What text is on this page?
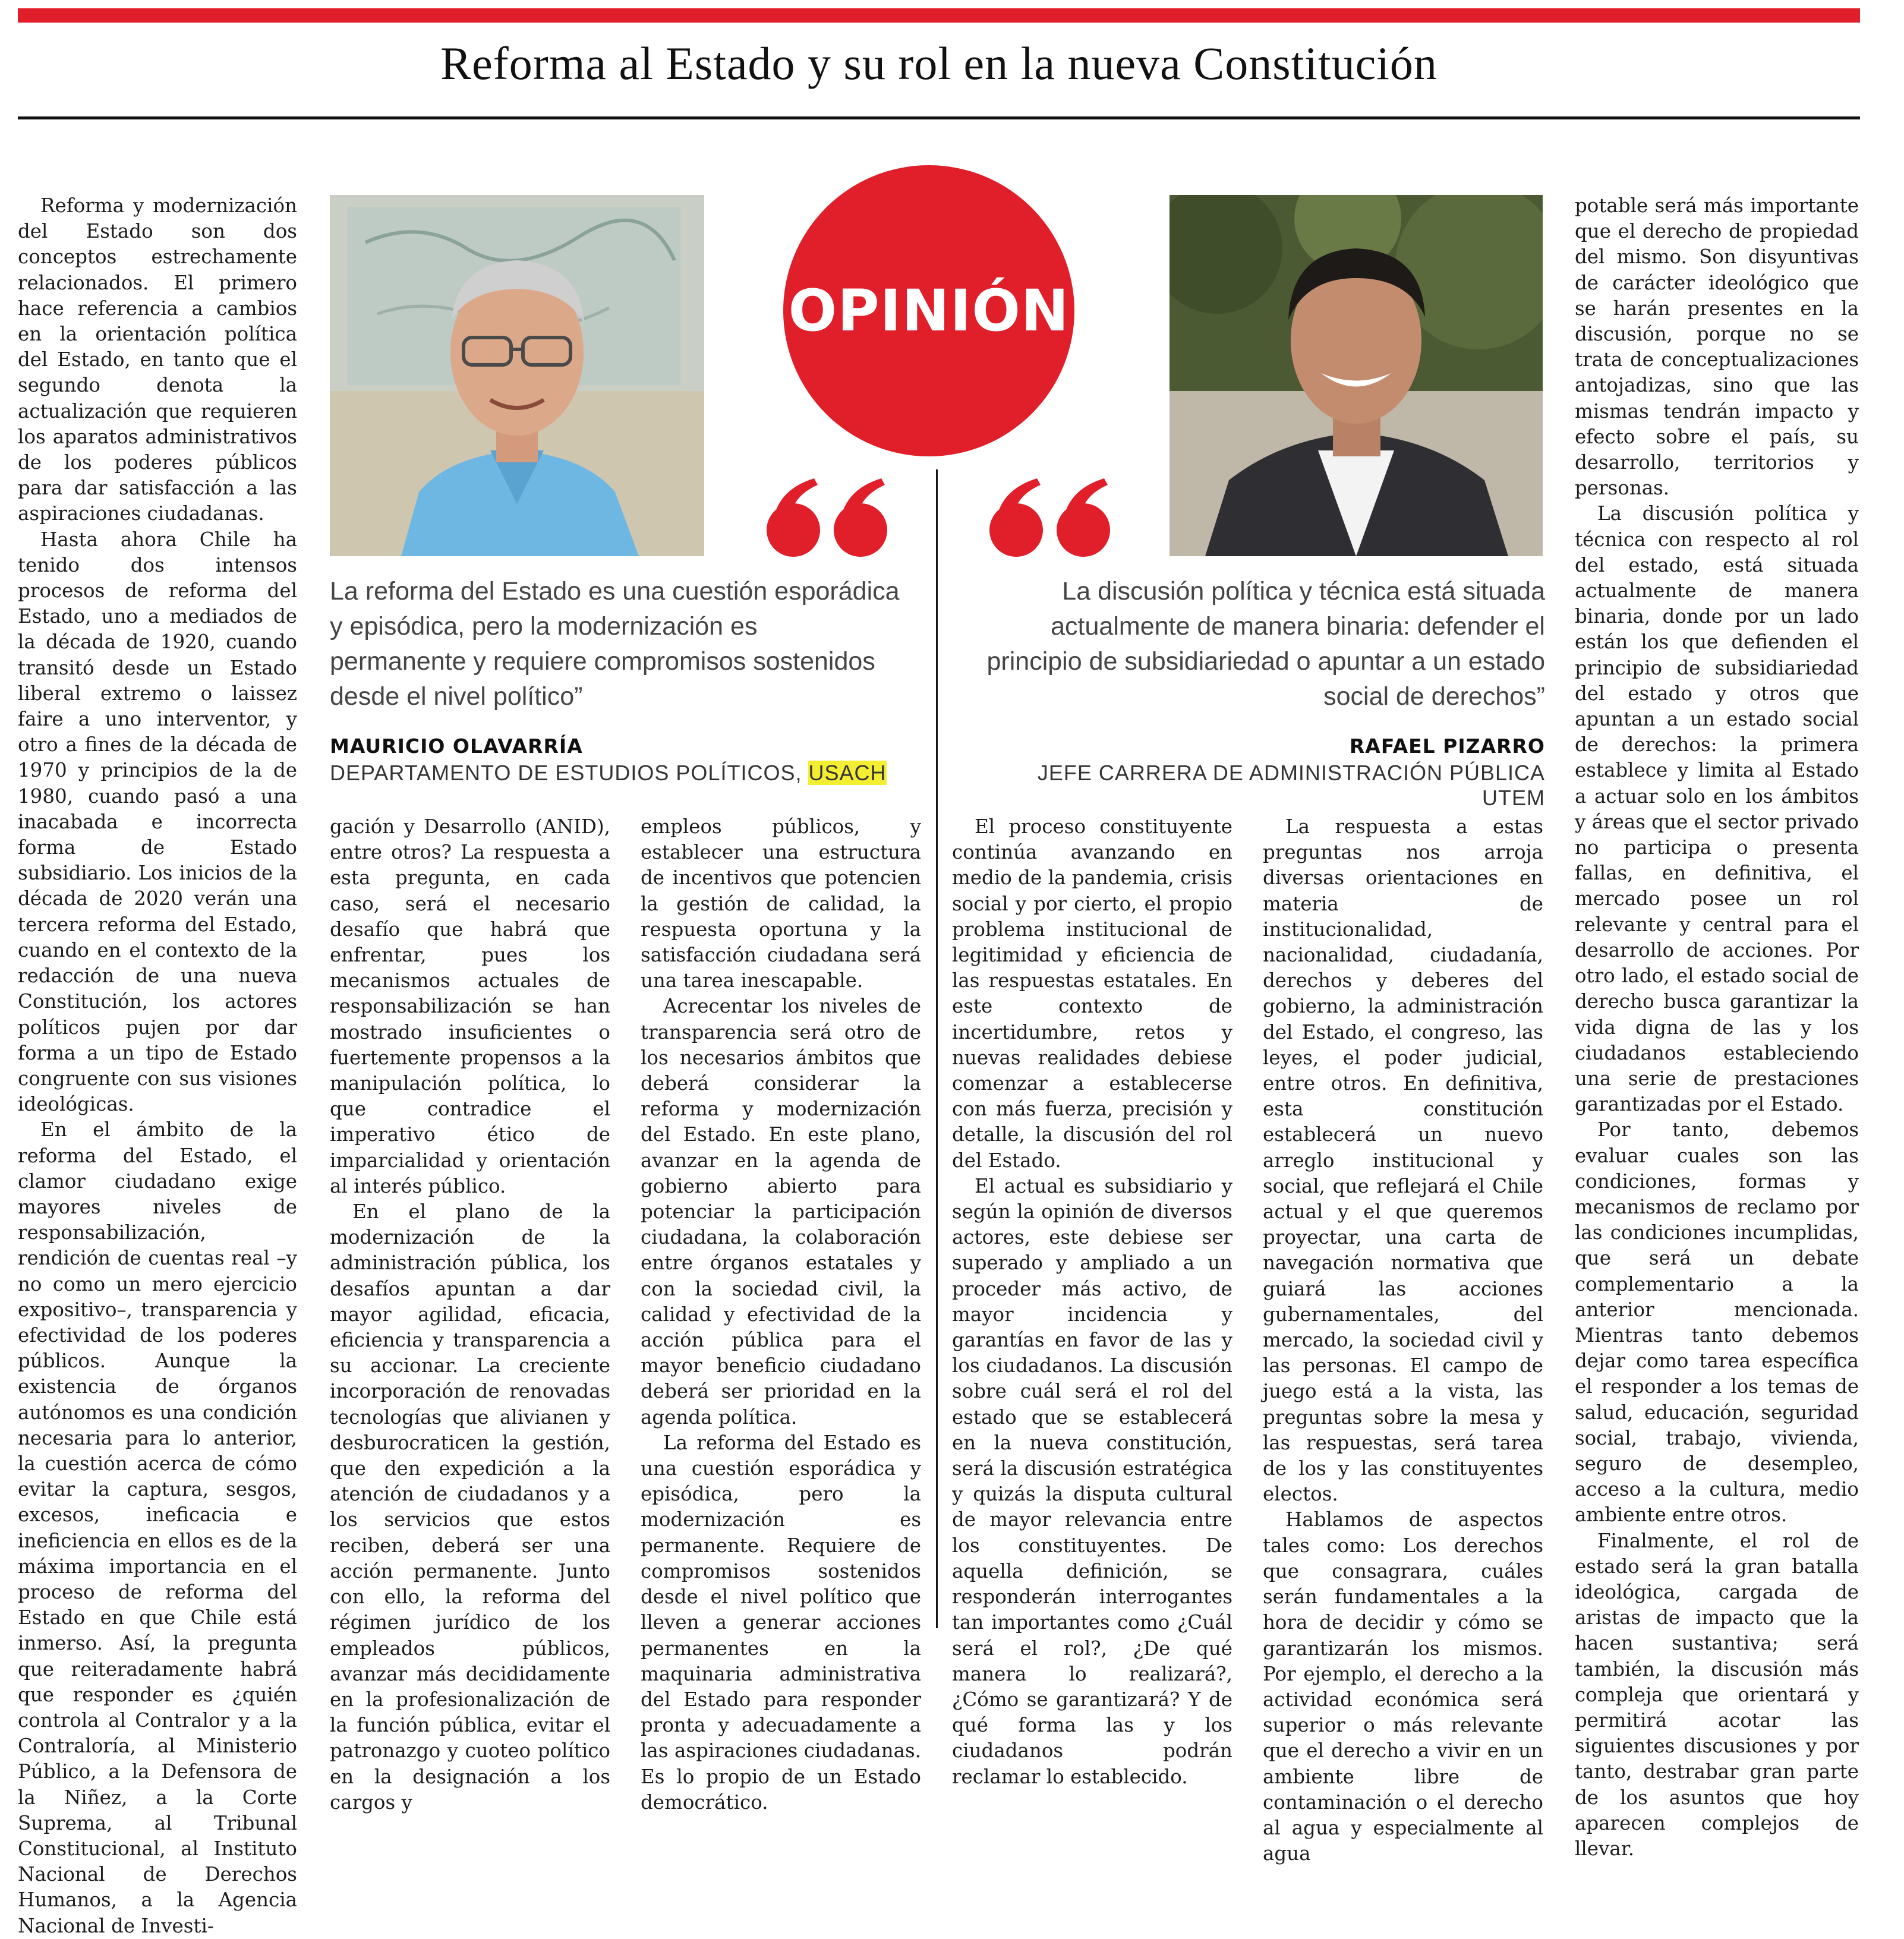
Reforma al Estado y su rol en la nueva Constitución

Reforma y modernización del Estado son dos conceptos estrechamente relacionados. El primero hace referencia a cambios en la orientación política del Estado, en tanto que el segundo denota la actualización que requieren los aparatos administrativos de los poderes públicos para dar satisfacción a las aspiraciones ciudadanas.

Hasta ahora Chile ha tenido dos intensos procesos de reforma del Estado, uno a mediados de la década de 1920, cuando transitó desde un Estado liberal extremo o laissez faire a uno interventor, y otro a fines de la década de 1970 y principios de la de 1980, cuando pasó a una inacabada e incorrecta forma de Estado subsidiario. Los inicios de la década de 2020 verán una tercera reforma del Estado, cuando en el contexto de la redacción de una nueva Constitución, los actores políticos pujen por dar forma a un tipo de Estado congruente con sus visiones ideológicas.

En el ámbito de la reforma del Estado, el clamor ciudadano exige mayores niveles de responsabilización, rendición de cuentas real –y no como un mero ejercicio expositivo–, transparencia y efectividad de los poderes públicos. Aunque la existencia de órganos autónomos es una condición necesaria para lo anterior, la cuestión acerca de cómo evitar la captura, sesgos, excesos, ineficacia e ineficiencia en ellos es de la máxima importancia en el proceso de reforma del Estado en que Chile está inmerso. Así, la pregunta que reiteradamente habrá que responder es ¿quién controla al Contralor y a la Contraloría, al Ministerio Público, a la Defensora de la Niñez, a la Corte Suprema, al Tribunal Constitucional, al Instituto Nacional de Derechos Humanos, a la Agencia Nacional de Investi-

OPINIÓN
La reforma del Estado es una cuestión esporádica y episódica, pero la modernización es permanente y requiere compromisos sostenidos desde el nivel político”
MAURICIO OLAVARRÍA
DEPARTAMENTO DE ESTUDIOS POLÍTICOS, USACH
La discusión política y técnica está situada actualmente de manera binaria: defender el principio de subsidiariedad o apuntar a un estado social de derechos”
RAFAEL PIZARRO
JEFE CARRERA DE ADMINISTRACIÓN PÚBLICA UTEM

gación y Desarrollo (ANID), entre otros? La respuesta a esta pregunta, en cada caso, será el necesario desafío que habrá que enfrentar, pues los mecanismos actuales de responsabilización se han mostrado insuficientes o fuertemente propensos a la manipulación política, lo que contradice el imperativo ético de imparcialidad y orientación al interés público.

En el plano de la modernización de la administración pública, los desafíos apuntan a dar mayor agilidad, eficacia, eficiencia y transparencia a su accionar. La creciente incorporación de renovadas tecnologías que alivianen y desburocraticen la gestión, que den expedición a la atención de ciudadanos y a los servicios que estos reciben, deberá ser una acción permanente. Junto con ello, la reforma del régimen jurídico de los empleados públicos, avanzar más decididamente en la profesionalización de la función pública, evitar el patronazgo y cuoteo político en la designación a los cargos y

empleos públicos, y establecer una estructura de incentivos que potencien la gestión de calidad, la respuesta oportuna y la satisfacción ciudadana será una tarea inescapable.

Acrecentar los niveles de transparencia será otro de los necesarios ámbitos que deberá considerar la reforma y modernización del Estado. En este plano, avanzar en la agenda de gobierno abierto para potenciar la participación ciudadana, la colaboración entre órganos estatales y con la sociedad civil, la calidad y efectividad de la acción pública para el mayor beneficio ciudadano deberá ser prioridad en la agenda política.

La reforma del Estado es una cuestión esporádica y episódica, pero la modernización es permanente. Requiere de compromisos sostenidos desde el nivel político que lleven a generar acciones permanentes en la maquinaria administrativa del Estado para responder pronta y adecuadamente a las aspiraciones ciudadanas. Es lo propio de un Estado democrático.

El proceso constituyente continúa avanzando en medio de la pandemia, crisis social y por cierto, el propio problema institucional de legitimidad y eficiencia de las respuestas estatales. En este contexto de incertidumbre, retos y nuevas realidades debiese comenzar a establecerse con más fuerza, precisión y detalle, la discusión del rol del Estado.

El actual es subsidiario y según la opinión de diversos actores, este debiese ser superado y ampliado a un proceder más activo, de mayor incidencia y garantías en favor de las y los ciudadanos. La discusión sobre cuál será el rol del estado que se establecerá en la nueva constitución, será la discusión estratégica y quizás la disputa cultural de mayor relevancia entre los constituyentes. De aquella definición, se responderán interrogantes tan importantes como ¿Cuál será el rol?, ¿De qué manera lo realizará?, ¿Cómo se garantizará? Y de qué forma las y los ciudadanos podrán reclamar lo establecido.

La respuesta a estas preguntas nos arroja diversas orientaciones en materia de institucionalidad, nacionalidad, ciudadanía, derechos y deberes del gobierno, la administración del Estado, el congreso, las leyes, el poder judicial, entre otros. En definitiva, esta constitución establecerá un nuevo arreglo institucional y social, que reflejará el Chile actual y el que queremos proyectar, una carta de navegación normativa que guiará las acciones gubernamentales, del mercado, la sociedad civil y las personas. El campo de juego está a la vista, las preguntas sobre la mesa y las respuestas, será tarea de los y las constituyentes electos.

Hablamos de aspectos tales como: Los derechos que consagrara, cuáles serán fundamentales a la hora de decidir y cómo se garantizarán los mismos. Por ejemplo, el derecho a la actividad económica será superior o más relevante que el derecho a vivir en un ambiente libre de contaminación o el derecho al agua y especialmente al agua

potable será más importante que el derecho de propiedad del mismo. Son disyuntivas de carácter ideológico que se harán presentes en la discusión, porque no se trata de conceptualizaciones antojadizas, sino que las mismas tendrán impacto y efecto sobre el país, su desarrollo, territorios y personas.

La discusión política y técnica con respecto al rol del estado, está situada actualmente de manera binaria, donde por un lado están los que defienden el principio de subsidiariedad del estado y otros que apuntan a un estado social de derechos: la primera establece y limita al Estado a actuar solo en los ámbitos y áreas que el sector privado no participa o presenta fallas, en definitiva, el mercado posee un rol relevante y central para el desarrollo de acciones. Por otro lado, el estado social de derecho busca garantizar la vida digna de las y los ciudadanos estableciendo una serie de prestaciones garantizadas por el Estado.

Por tanto, debemos evaluar cuales son las condiciones, formas y mecanismos de reclamo por las condiciones incumplidas, que será un debate complementario a la anterior mencionada. Mientras tanto debemos dejar como tarea específica el responder a los temas de salud, educación, seguridad social, trabajo, vivienda, seguro de desempleo, acceso a la cultura, medio ambiente entre otros.

Finalmente, el rol de estado será la gran batalla ideológica, cargada de aristas de impacto que la hacen sustantiva; será también, la discusión más compleja que orientará y permitirá acotar las siguientes discusiones y por tanto, destrabar gran parte de los asuntos que hoy aparecen complejos de llevar.
